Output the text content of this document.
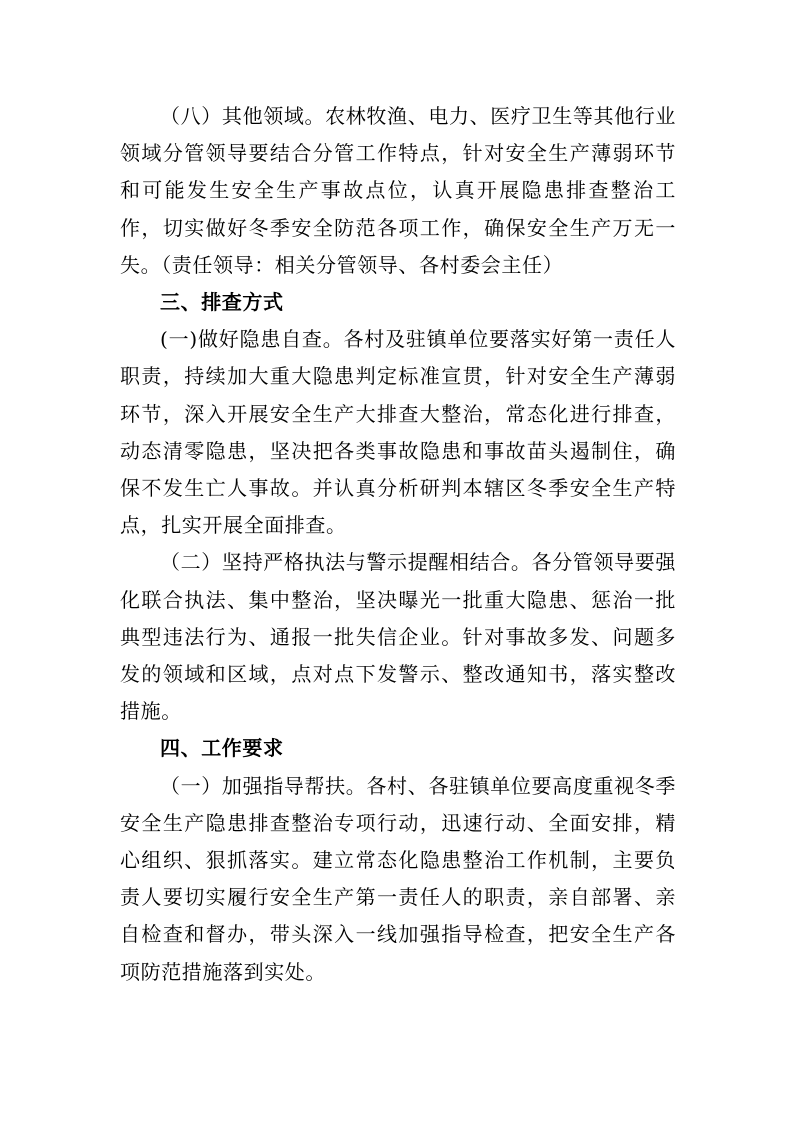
（八）其他领域。农林牧渔、电力、医疗卫生等其他行业领域分管领导要结合分管工作特点，针对安全生产薄弱环节和可能发生安全生产事故点位，认真开展隐患排查整治工作，切实做好冬季安全防范各项工作，确保安全生产万无一失。（责任领导：相关分管领导、各村委会主任）

三、排查方式

(一)做好隐患自查。各村及驻镇单位要落实好第一责任人职责，持续加大重大隐患判定标准宣贯，针对安全生产薄弱环节，深入开展安全生产大排查大整治，常态化进行排查，动态清零隐患，坚决把各类事故隐患和事故苗头遏制住，确保不发生亡人事故。并认真分析研判本辖区冬季安全生产特点，扎实开展全面排查。

（二）坚持严格执法与警示提醒相结合。各分管领导要强化联合执法、集中整治，坚决曝光一批重大隐患、惩治一批典型违法行为、通报一批失信企业。针对事故多发、问题多发的领域和区域，点对点下发警示、整改通知书，落实整改措施。

四、工作要求

（一）加强指导帮扶。各村、各驻镇单位要高度重视冬季安全生产隐患排查整治专项行动，迅速行动、全面安排，精心组织、狠抓落实。建立常态化隐患整治工作机制，主要负责人要切实履行安全生产第一责任人的职责，亲自部署、亲自检查和督办，带头深入一线加强指导检查，把安全生产各项防范措施落到实处。
